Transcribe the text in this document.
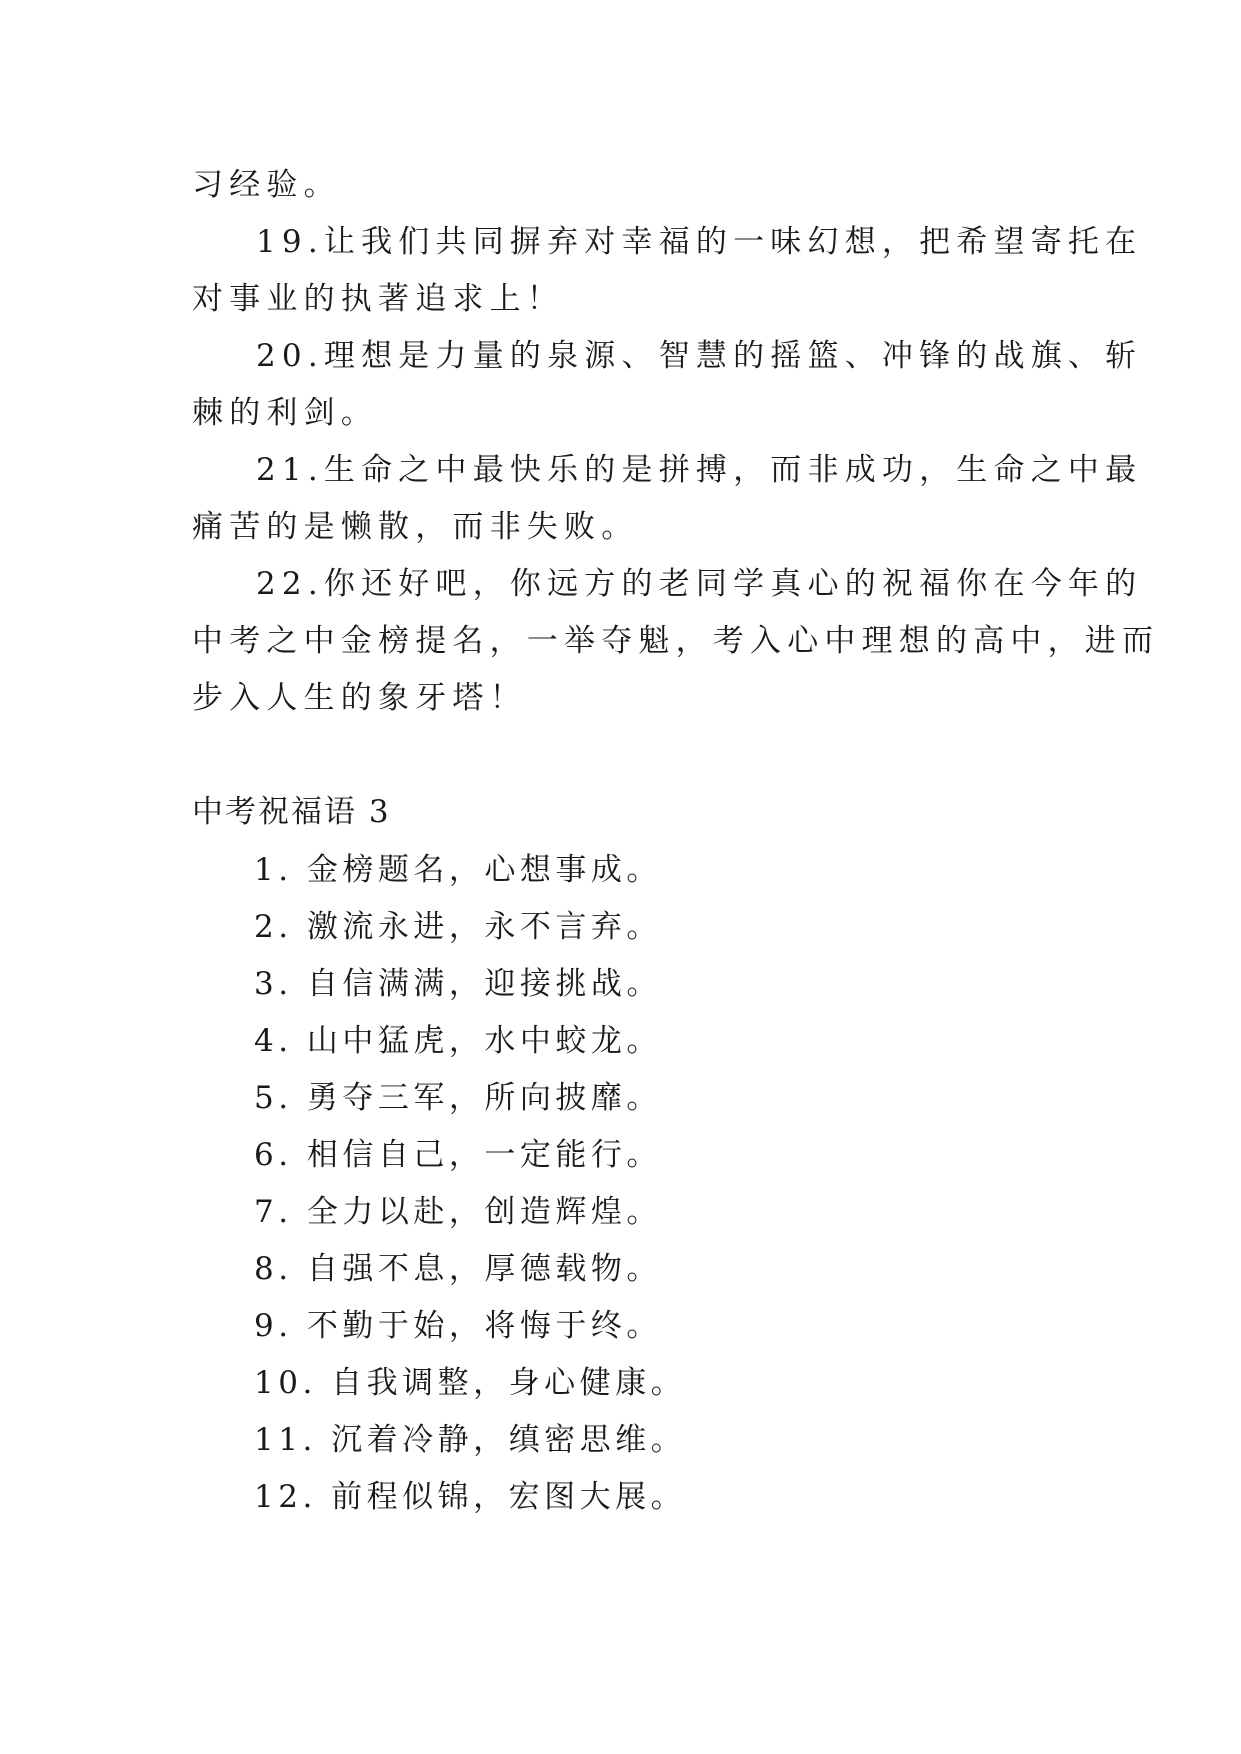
习经验。
19.让我们共同摒弃对幸福的一味幻想，把希望寄托在
对事业的执著追求上！
20.理想是力量的泉源、智慧的摇篮、冲锋的战旗、斩
棘的利剑。
21.生命之中最快乐的是拼搏，而非成功，生命之中最
痛苦的是懒散，而非失败。
22.你还好吧，你远方的老同学真心的祝福你在今年的
中考之中金榜提名，一举夺魁，考入心中理想的高中，进而
步入人生的象牙塔！
中考祝福语 3
1. 金榜题名，心想事成。
2. 激流永进，永不言弃。
3. 自信满满，迎接挑战。
4. 山中猛虎，水中蛟龙。
5. 勇夺三军，所向披靡。
6. 相信自己，一定能行。
7. 全力以赴，创造辉煌。
8. 自强不息，厚德载物。
9. 不勤于始，将悔于终。
10. 自我调整，身心健康。
11. 沉着冷静，缜密思维。
12. 前程似锦，宏图大展。
